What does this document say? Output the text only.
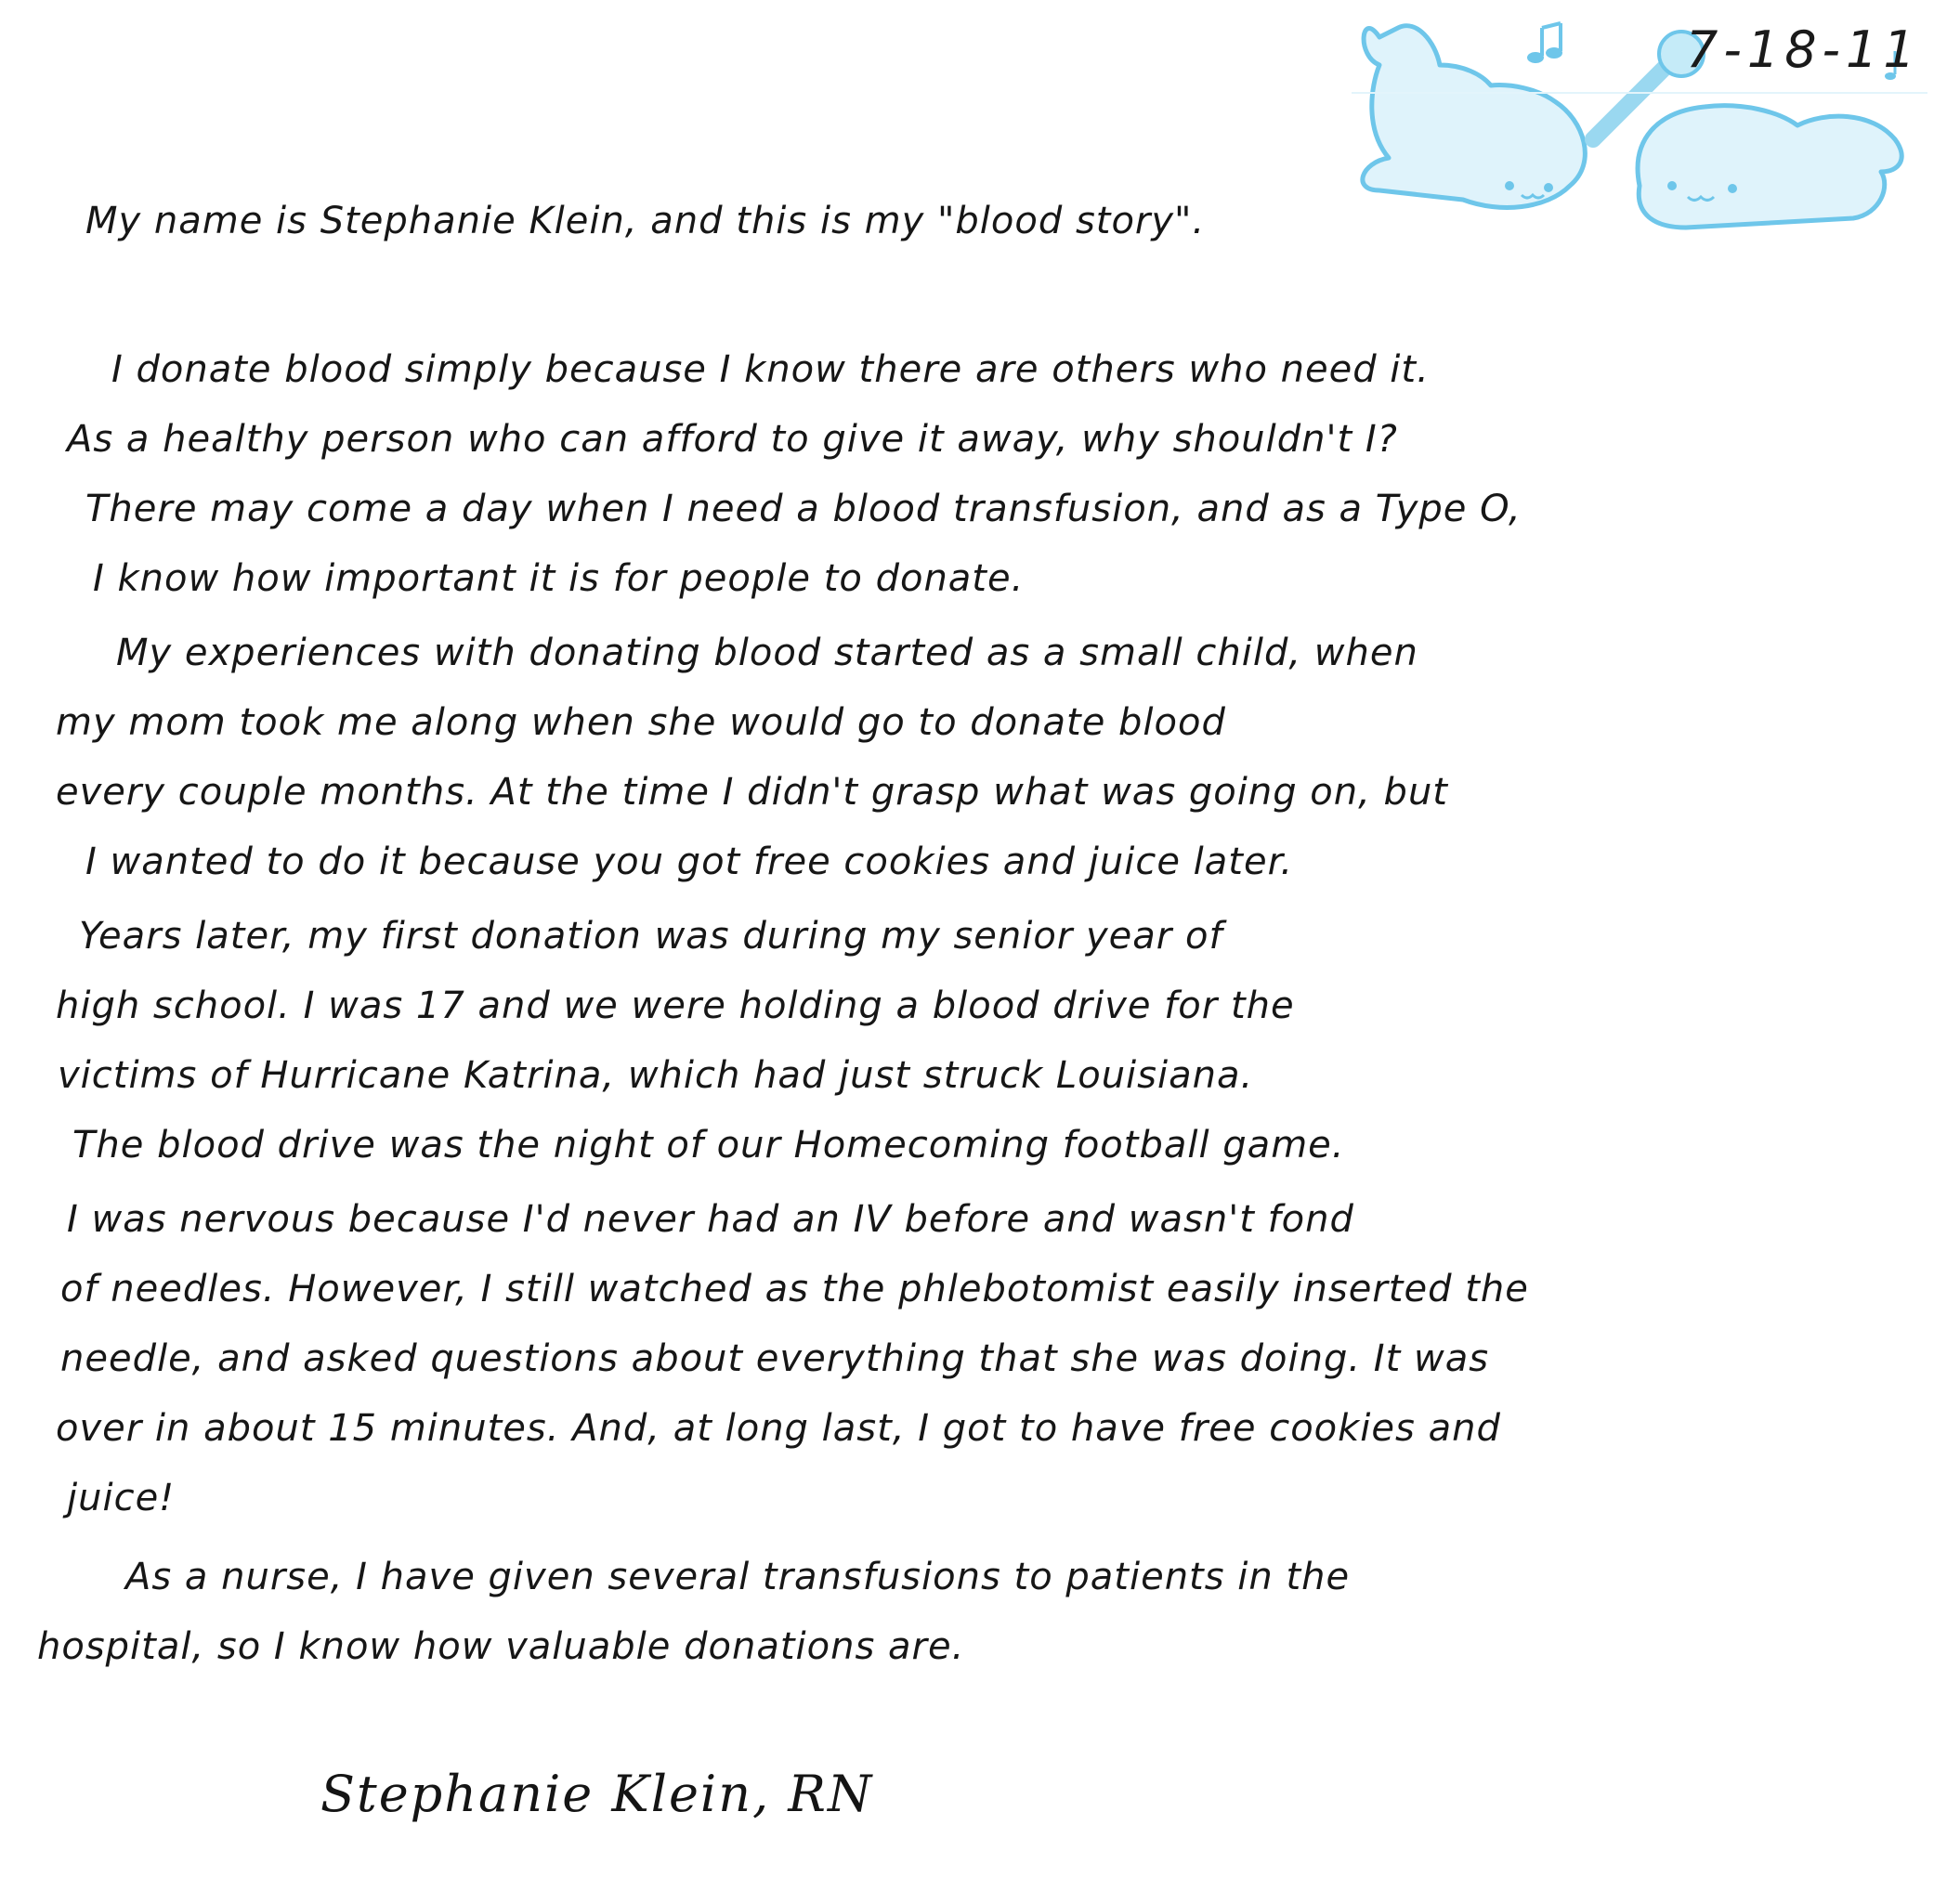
7-18-11
My name is Stephanie Klein, and this is my "blood story".
I donate blood simply because I know there are others who need it.
As a healthy person who can afford to give it away, why shouldn't I?
There may come a day when I need a blood transfusion, and as a Type O,
I know how important it is for people to donate.
My experiences with donating blood started as a small child, when
my mom took me along when she would go to donate blood
every couple months. At the time I didn't grasp what was going on, but
I wanted to do it because you got free cookies and juice later.
Years later, my first donation was during my senior year of
high school. I was 17 and we were holding a blood drive for the
victims of Hurricane Katrina, which had just struck Louisiana.
The blood drive was the night of our Homecoming football game.
I was nervous because I'd never had an IV before and wasn't fond
of needles. However, I still watched as the phlebotomist easily inserted the
needle, and asked questions about everything that she was doing. It was
over in about 15 minutes. And, at long last, I got to have free cookies and
juice!
As a nurse, I have given several transfusions to patients in the
hospital, so I know how valuable donations are.
Stephanie Klein, RN
